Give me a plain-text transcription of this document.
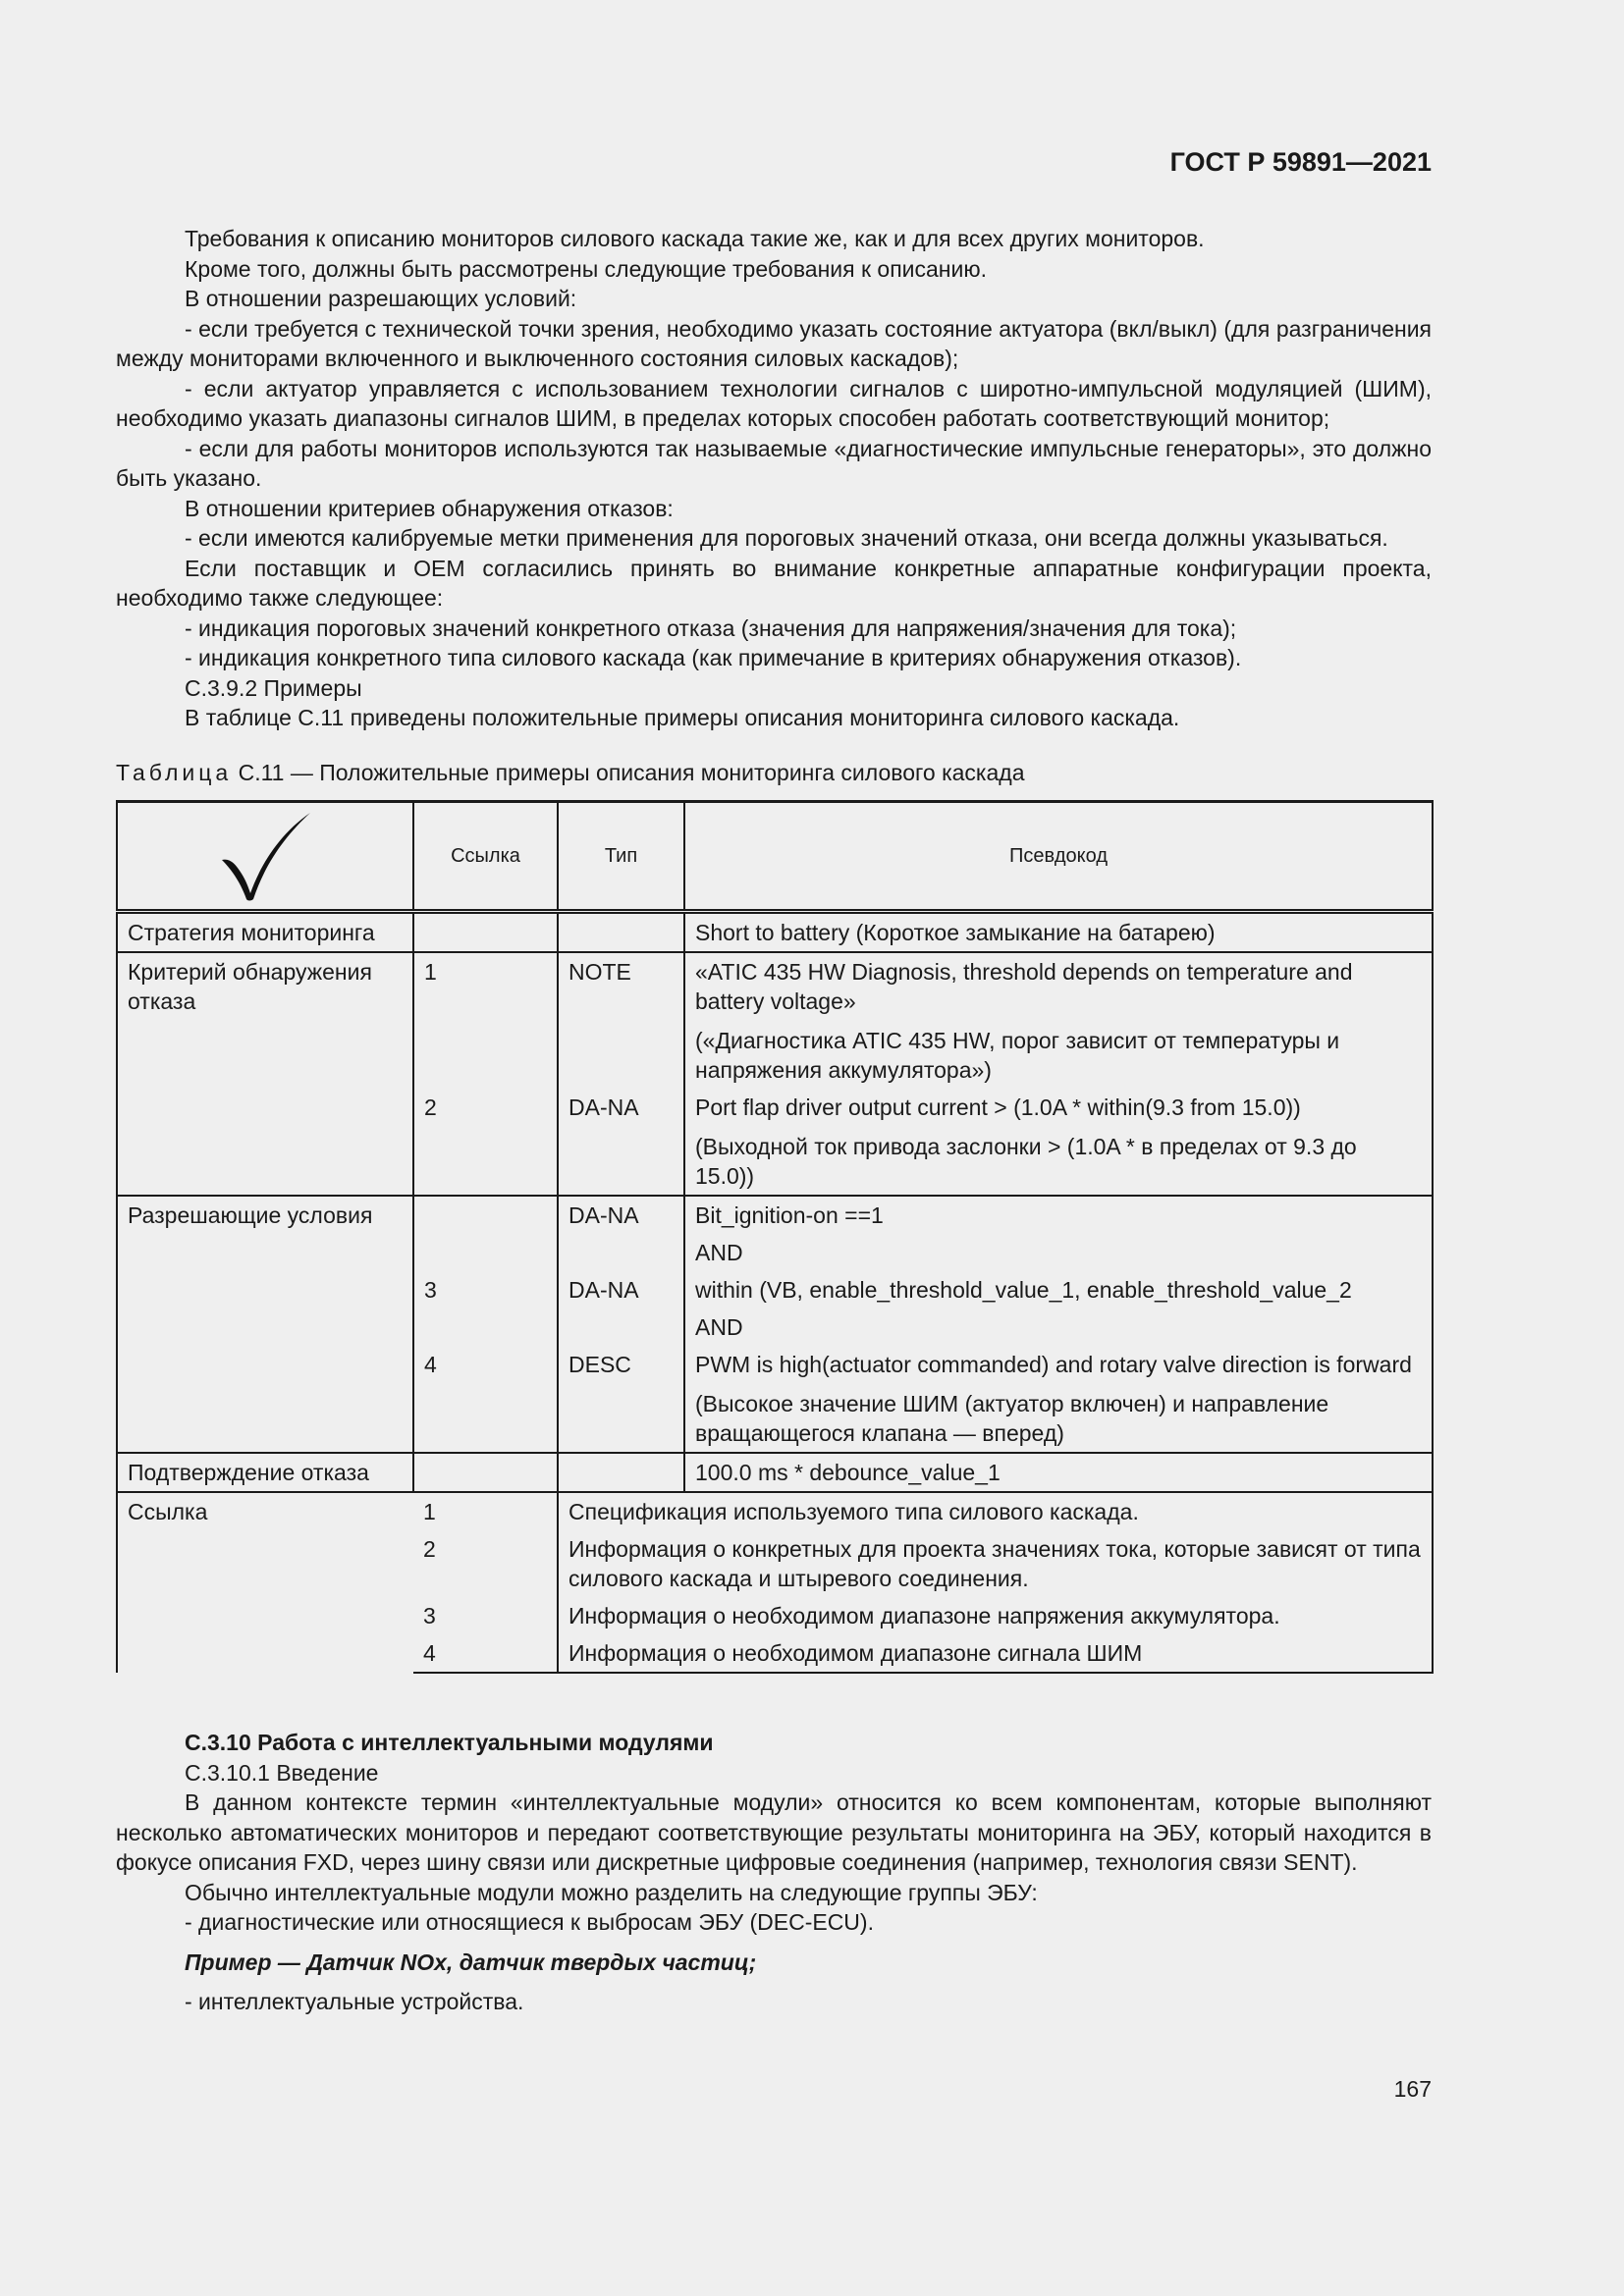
ГОСТ Р 59891—2021

Требования к описанию мониторов силового каскада такие же, как и для всех других мониторов.

Кроме того, должны быть рассмотрены следующие требования к описанию.

В отношении разрешающих условий:

- если требуется с технической точки зрения, необходимо указать состояние актуатора (вкл/выкл) (для разграничения между мониторами включенного и выключенного состояния силовых каскадов);

- если актуатор управляется с использованием технологии сигналов с широтно-импульсной модуляцией (ШИМ), необходимо указать диапазоны сигналов ШИМ, в пределах которых способен работать соответствующий монитор;

- если для работы мониторов используются так называемые «диагностические импульсные генераторы», это должно быть указано.

В отношении критериев обнаружения отказов:

- если имеются калибруемые метки применения для пороговых значений отказа, они всегда должны указываться.

Если поставщик и OEM согласились принять во внимание конкретные аппаратные конфигурации проекта, необходимо также следующее:

- индикация пороговых значений конкретного отказа (значения для напряжения/значения для тока);

- индикация конкретного типа силового каскада (как примечание в критериях обнаружения отказов).

С.3.9.2 Примеры

В таблице С.11 приведены положительные примеры описания мониторинга силового каскада.

Таблица С.11 — Положительные примеры описания мониторинга силового каскада
	Ссылка	Тип	Псевдокод
Стратегия мониторинга			Short to battery (Короткое замыкание на батарею)
Критерий обнаружения отказа	1	NOTE	«ATIC 435 HW Diagnosis, threshold depends on temperature and battery voltage»
(«Диагностика ATIC 435 HW, порог зависит от температуры и напряжения аккумулятора»)

	2	DA-NA	Port flap driver output current > (1.0A * within(9.3 from 15.0))
(Выходной ток привода заслонки > (1.0A * в пределах от 9.3 до 15.0))

Разрешающие условия		DA-NA	Bit_ignition-on ==1
			AND
	3	DA-NA	within (VB, enable_threshold_value_1, enable_threshold_value_2
			AND
	4	DESC	PWM is high(actuator commanded) and rotary valve direction is forward
(Высокое значение ШИМ (актуатор включен) и направление вращающегося клапана — вперед)

Подтверждение отказа			100.0 ms * debounce_value_1
Ссылка	1	Спецификация используемого типа силового каскада.	
	2	Информация о конкретных для проекта значениях тока, которые зависят от типа силового каскада и штыревого соединения.	
	3	Информация о необходимом диапазоне напряжения аккумулятора.	
	4	Информация о необходимом диапазоне сигнала ШИМ	

С.3.10 Работа с интеллектуальными модулями

С.3.10.1 Введение

В данном контексте термин «интеллектуальные модули» относится ко всем компонентам, которые выполняют несколько автоматических мониторов и передают соответствующие результаты мониторинга на ЭБУ, который находится в фокусе описания FXD, через шину связи или дискретные цифровые соединения (например, технология связи SENT).

Обычно интеллектуальные модули можно разделить на следующие группы ЭБУ:

- диагностические или относящиеся к выбросам ЭБУ (DEC-ECU).

Пример — Датчик NOx, датчик твердых частиц;

- интеллектуальные устройства.

167
